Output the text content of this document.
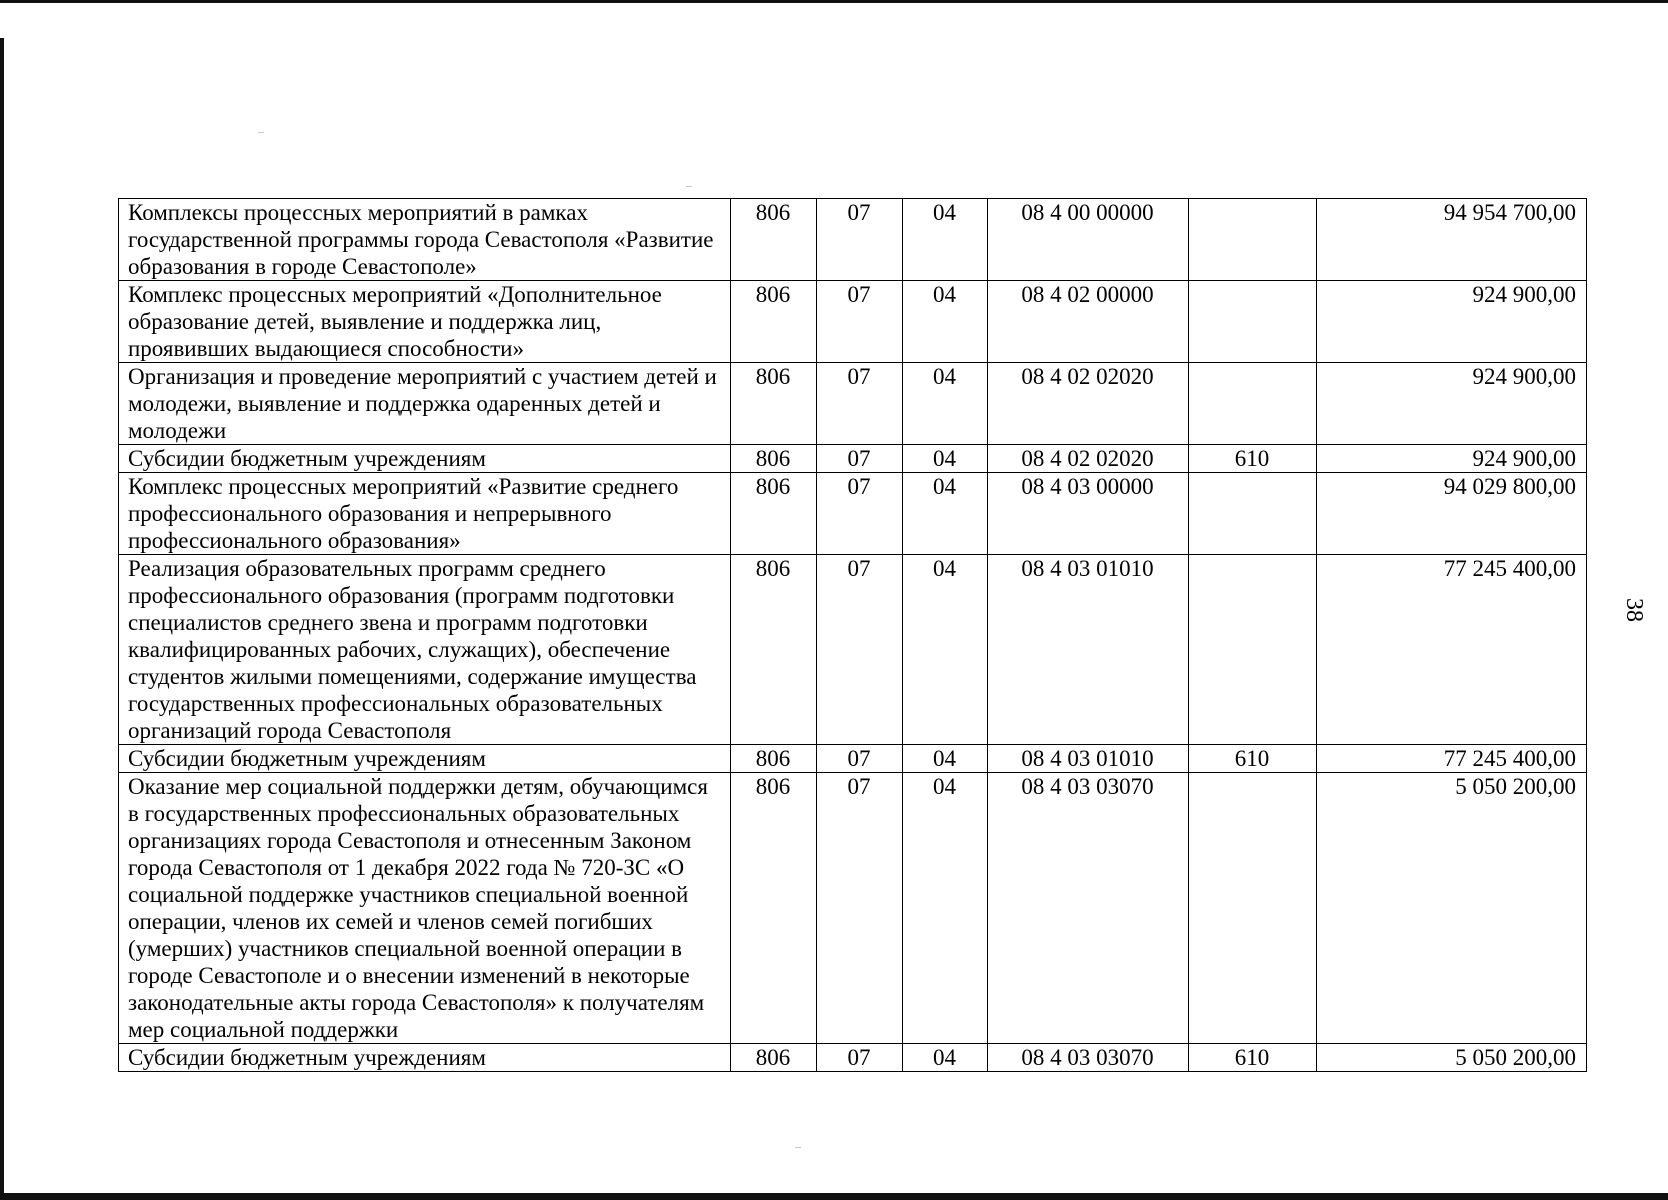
38
Комплексы процессных мероприятий в рамках государственной программы города Севастополя «Развитие образования в городе Севастополе»	806	07	04	08 4 00 00000		94 954 700,00
Комплекс процессных мероприятий «Дополнительное образование детей, выявление и поддержка лиц, проявивших выдающиеся способности»	806	07	04	08 4 02 00000		924 900,00
Организация и проведение мероприятий с участием детей и молодежи, выявление и поддержка одаренных детей и молодежи	806	07	04	08 4 02 02020		924 900,00
Субсидии бюджетным учреждениям	806	07	04	08 4 02 02020	610	924 900,00
Комплекс процессных мероприятий «Развитие среднего профессионального образования и непрерывного профессионального образования»	806	07	04	08 4 03 00000		94 029 800,00
Реализация образовательных программ среднего профессионального образования (программ подготовки специалистов среднего звена и программ подготовки квалифицированных рабочих, служащих), обеспечение студентов жилыми помещениями, содержание имущества государственных профессиональных образовательных организаций города Севастополя	806	07	04	08 4 03 01010		77 245 400,00
Субсидии бюджетным учреждениям	806	07	04	08 4 03 01010	610	77 245 400,00
Оказание мер социальной поддержки детям, обучающимся в государственных профессиональных образовательных организациях города Севастополя и отнесенным Законом города Севастополя от 1 декабря 2022 года № 720-ЗС «О социальной поддержке участников специальной военной операции, членов их семей и членов семей погибших (умерших) участников специальной военной операции в городе Севастополе и о внесении изменений в некоторые законодательные акты города Севастополя» к получателям мер социальной поддержки	806	07	04	08 4 03 03070		5 050 200,00
Субсидии бюджетным учреждениям	806	07	04	08 4 03 03070	610	5 050 200,00
